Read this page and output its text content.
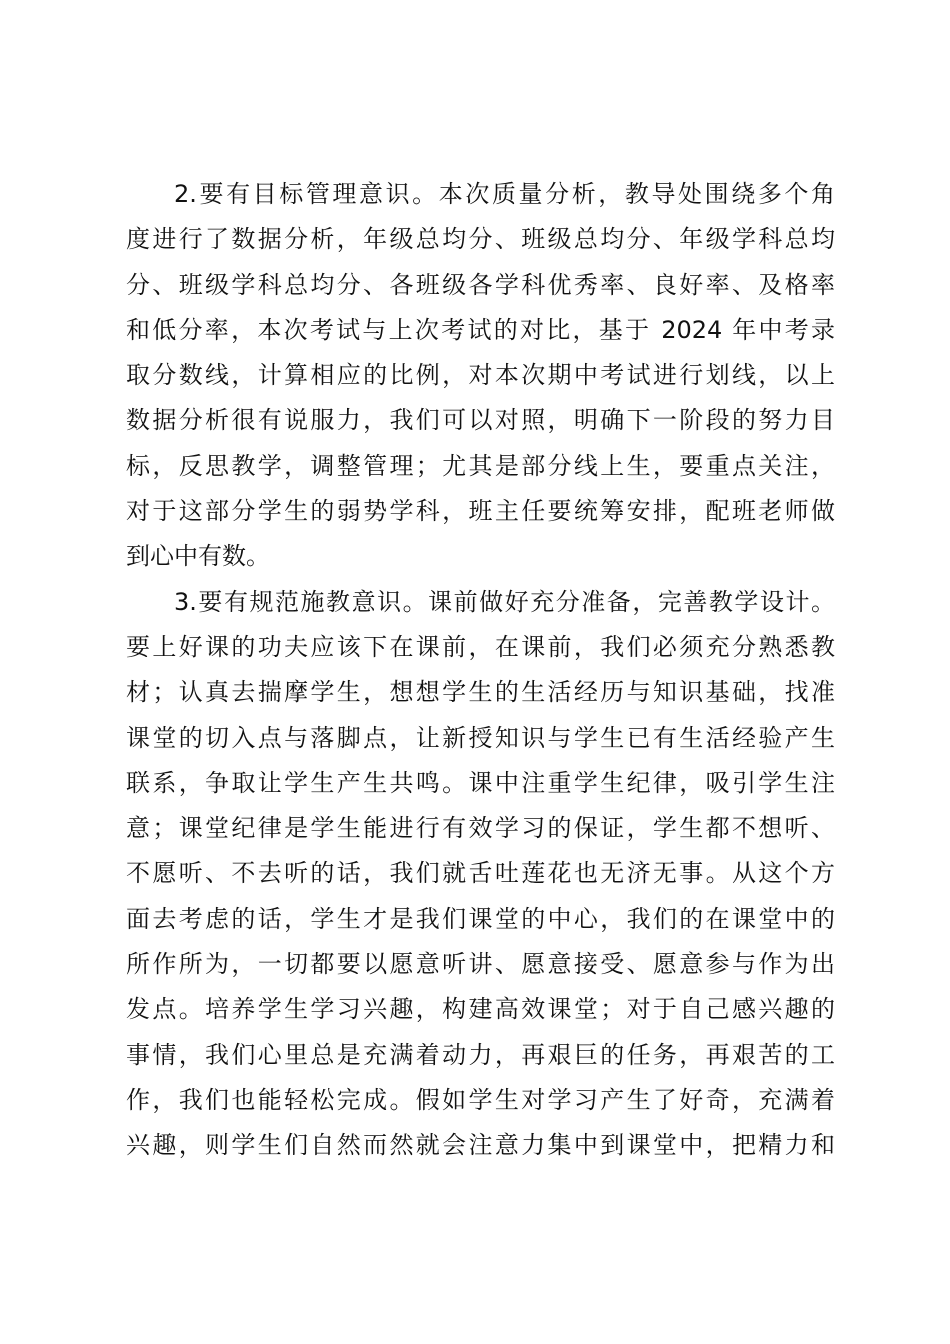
2.要有目标管理意识。本次质量分析，教导处围绕多个角
度进行了数据分析，年级总均分、班级总均分、年级学科总均
分、班级学科总均分、各班级各学科优秀率、良好率、及格率
和低分率，本次考试与上次考试的对比，基于 2024 年中考录
取分数线，计算相应的比例，对本次期中考试进行划线，以上
数据分析很有说服力，我们可以对照，明确下一阶段的努力目
标，反思教学，调整管理；尤其是部分线上生，要重点关注，
对于这部分学生的弱势学科，班主任要统筹安排，配班老师做
到心中有数。
3.要有规范施教意识。课前做好充分准备，完善教学设计。
要上好课的功夫应该下在课前，在课前，我们必须充分熟悉教
材；认真去揣摩学生，想想学生的生活经历与知识基础，找准
课堂的切入点与落脚点，让新授知识与学生已有生活经验产生
联系，争取让学生产生共鸣。课中注重学生纪律，吸引学生注
意；课堂纪律是学生能进行有效学习的保证，学生都不想听、
不愿听、不去听的话，我们就舌吐莲花也无济无事。从这个方
面去考虑的话，学生才是我们课堂的中心，我们的在课堂中的
所作所为，一切都要以愿意听讲、愿意接受、愿意参与作为出
发点。培养学生学习兴趣，构建高效课堂；对于自己感兴趣的
事情，我们心里总是充满着动力，再艰巨的任务，再艰苦的工
作，我们也能轻松完成。假如学生对学习产生了好奇，充满着
兴趣，则学生们自然而然就会注意力集中到课堂中，把精力和
